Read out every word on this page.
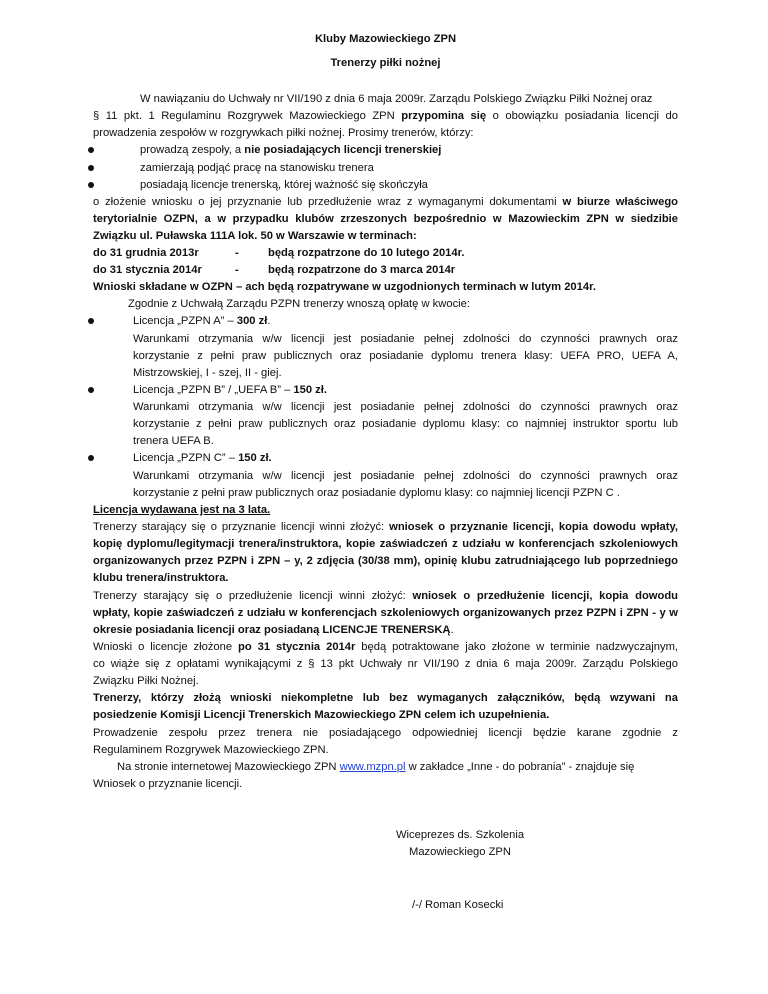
Kluby Mazowieckiego ZPN
Trenerzy piłki nożnej
W nawiązaniu do Uchwały nr VII/190 z dnia 6 maja 2009r. Zarządu Polskiego Związku Piłki Nożnej oraz
§ 11 pkt. 1 Regulaminu Rozgrywek Mazowieckiego ZPN przypomina się o obowiązku posiadania licencji do
prowadzenia zespołów w rozgrywkach piłki nożnej. Prosimy trenerów, którzy:
prowadzą zespoły, a nie posiadających licencji trenerskiej
zamierzają podjąć pracę na stanowisku trenera
posiadają licencje trenerską, której ważność się skończyła
o złożenie wniosku o jej przyznanie lub przedłużenie wraz z wymaganymi dokumentami w biurze właściwego
terytorialnie OZPN, a w przypadku klubów zrzeszonych bezpośrednio w Mazowieckim ZPN w siedzibie
Związku ul. Puławska 111A lok. 50 w Warszawie w terminach:
do 31 grudnia 2013r	-	będą rozpatrzone do 10 lutego 2014r.
do 31 stycznia 2014r	-	będą rozpatrzone do 3 marca 2014r
Wnioski składane w OZPN – ach będą rozpatrywane w uzgodnionych terminach w lutym 2014r.
Zgodnie z Uchwałą Zarządu PZPN trenerzy wnoszą opłatę w kwocie:
Licencja „PZPN A” – 300 zł.
Warunkami otrzymania w/w licencji jest posiadanie pełnej zdolności do czynności prawnych oraz
korzystanie z pełni praw publicznych oraz posiadanie dyplomu trenera klasy: UEFA PRO, UEFA A,
Mistrzowskiej, I - szej, II - giej.
Licencja „PZPN B” / „UEFA B” – 150 zł.
Warunkami otrzymania w/w licencji jest posiadanie pełnej zdolności do czynności prawnych oraz
korzystanie z pełni praw publicznych oraz posiadanie dyplomu klasy: co najmniej instruktor sportu lub
trenera UEFA B.
Licencja „PZPN C” – 150 zł.
Warunkami otrzymania w/w licencji jest posiadanie pełnej zdolności do czynności prawnych oraz
korzystanie z pełni praw publicznych oraz posiadanie dyplomu klasy: co najmniej licencji PZPN C .
Licencja wydawana jest na 3 lata.
Trenerzy starający się o przyznanie licencji winni złożyć: wniosek o przyznanie licencji, kopia dowodu wpłaty,
kopię dyplomu/legitymacji trenera/instruktora, kopie zaświadczeń z udziału w konferencjach szkoleniowych
organizowanych przez PZPN i ZPN – y, 2 zdjęcia (30/38 mm), opinię klubu zatrudniającego lub poprzedniego
klubu trenera/instruktora.
Trenerzy starający się o przedłużenie licencji winni złożyć: wniosek o przedłużenie licencji, kopia dowodu
wpłaty, kopie zaświadczeń z udziału w konferencjach szkoleniowych organizowanych przez PZPN i ZPN - y w
okresie posiadania licencji oraz posiadaną LICENCJE TRENERSKĄ.
Wnioski o licencje złożone po 31 stycznia 2014r będą potraktowane jako złożone w terminie nadzwyczajnym,
co wiąże się z opłatami wynikającymi z § 13 pkt Uchwały nr VII/190 z dnia 6 maja 2009r. Zarządu Polskiego
Związku Piłki Nożnej.
Trenerzy, którzy złożą wnioski niekompletne lub bez wymaganych załączników, będą wzywani na
posiedzenie Komisji Licencji Trenerskich Mazowieckiego ZPN celem ich uzupełnienia.
Prowadzenie zespołu przez trenera nie posiadającego odpowiedniej licencji będzie karane zgodnie z
Regulaminem Rozgrywek Mazowieckiego ZPN.
Na stronie internetowej Mazowieckiego ZPN www.mzpn.pl w zakładce „Inne - do pobrania” - znajduje się
Wniosek o przyznanie licencji.
Wiceprezes ds. Szkolenia
Mazowieckiego ZPN
/-/ Roman Kosecki
